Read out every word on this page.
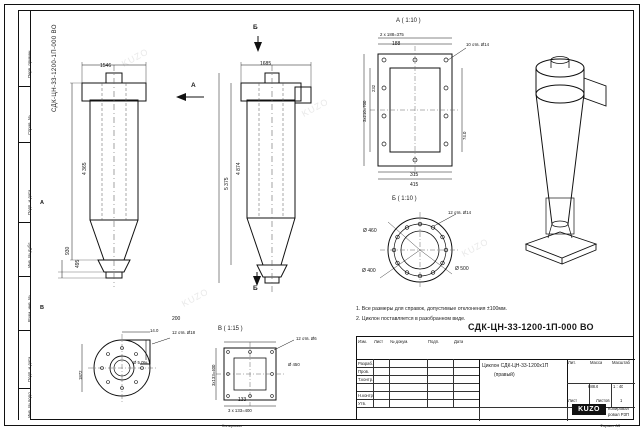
Перв. примен.
Справ. №
Подп. и дата
Инв. № дубл.
Взам. инв. №
Подп. и дата
Инв. № подл.
СДК-ЦН-33-1200-1П-000 ВО	KUZO
KUZO
KUZO
KUZO
1546
4 365
930
495
А
Б
1685
4 874
5 375
Б
А ( 1:10 )
2 х 188=375
188	10 отв. Ø14
232
3х210=700
74.0
315
415
Б ( 1:10 )
12 отв. Ø14
Ø 460
Ø 400	Ø 500
200
14.0	12 отв. Ø18
Ø 5.0%
1872
В ( 1:15 )
12 отв. Ø6
3х133=400
133
3 х 133=400
Ø 450
В
А
1. Все размеры для справок, допустимые отклонения ±100мм.
2. Циклон поставляется в разобранном виде.
СДК-ЦН-33-1200-1П-000 ВО
Изм. Лист № докум.	Подп.	Дата
Разраб.
Пров.
Т.контр.
Н.контр.
Утв.
Циклон СДК-ЦН-33-1200х1П
(правый)
Лит.	Масса Масштаб
688.6	1 : 40
Лист	Листов 1
KUZO	Копировал
ровал РЗП
Формат A3
Копировал
